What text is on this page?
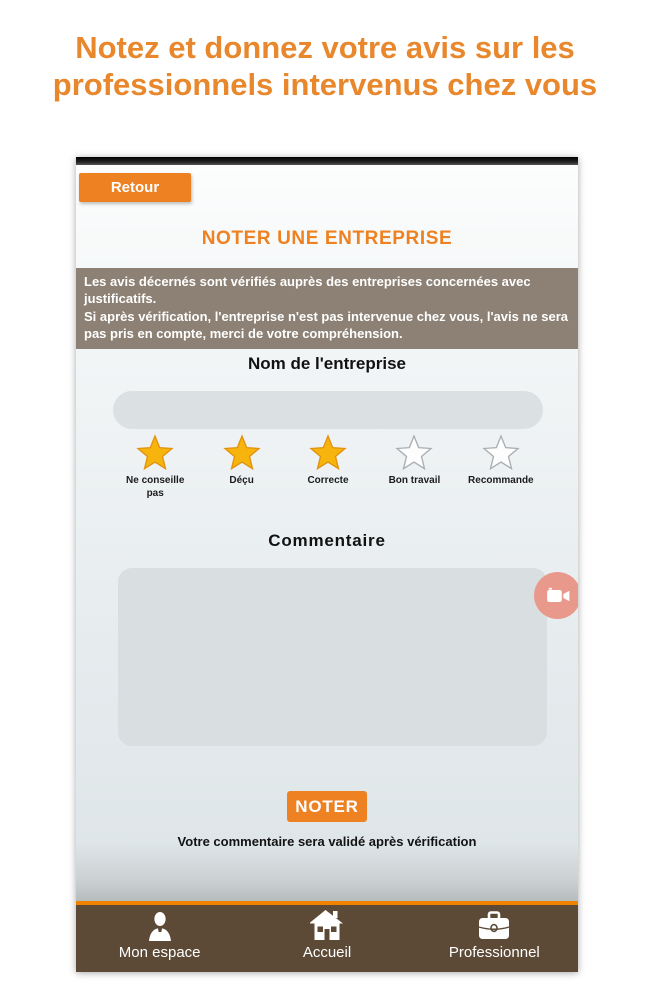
Notez et donnez votre avis sur les professionnels intervenus chez vous
Retour
NOTER UNE ENTREPRISE

Les avis décernés sont vérifiés auprès des entreprises concernées avec justificatifs.

Si après vérification, l'entreprise n'est pas intervenue chez vous, l'avis ne sera pas pris en compte, merci de votre compréhension.

Nom de l'entreprise
Ne conseille pas
Déçu	Correcte	Bon travail	Recommande
Commentaire
NOTER
Votre commentaire sera validé après vérification
Mon espace	Accueil	Professionnel
